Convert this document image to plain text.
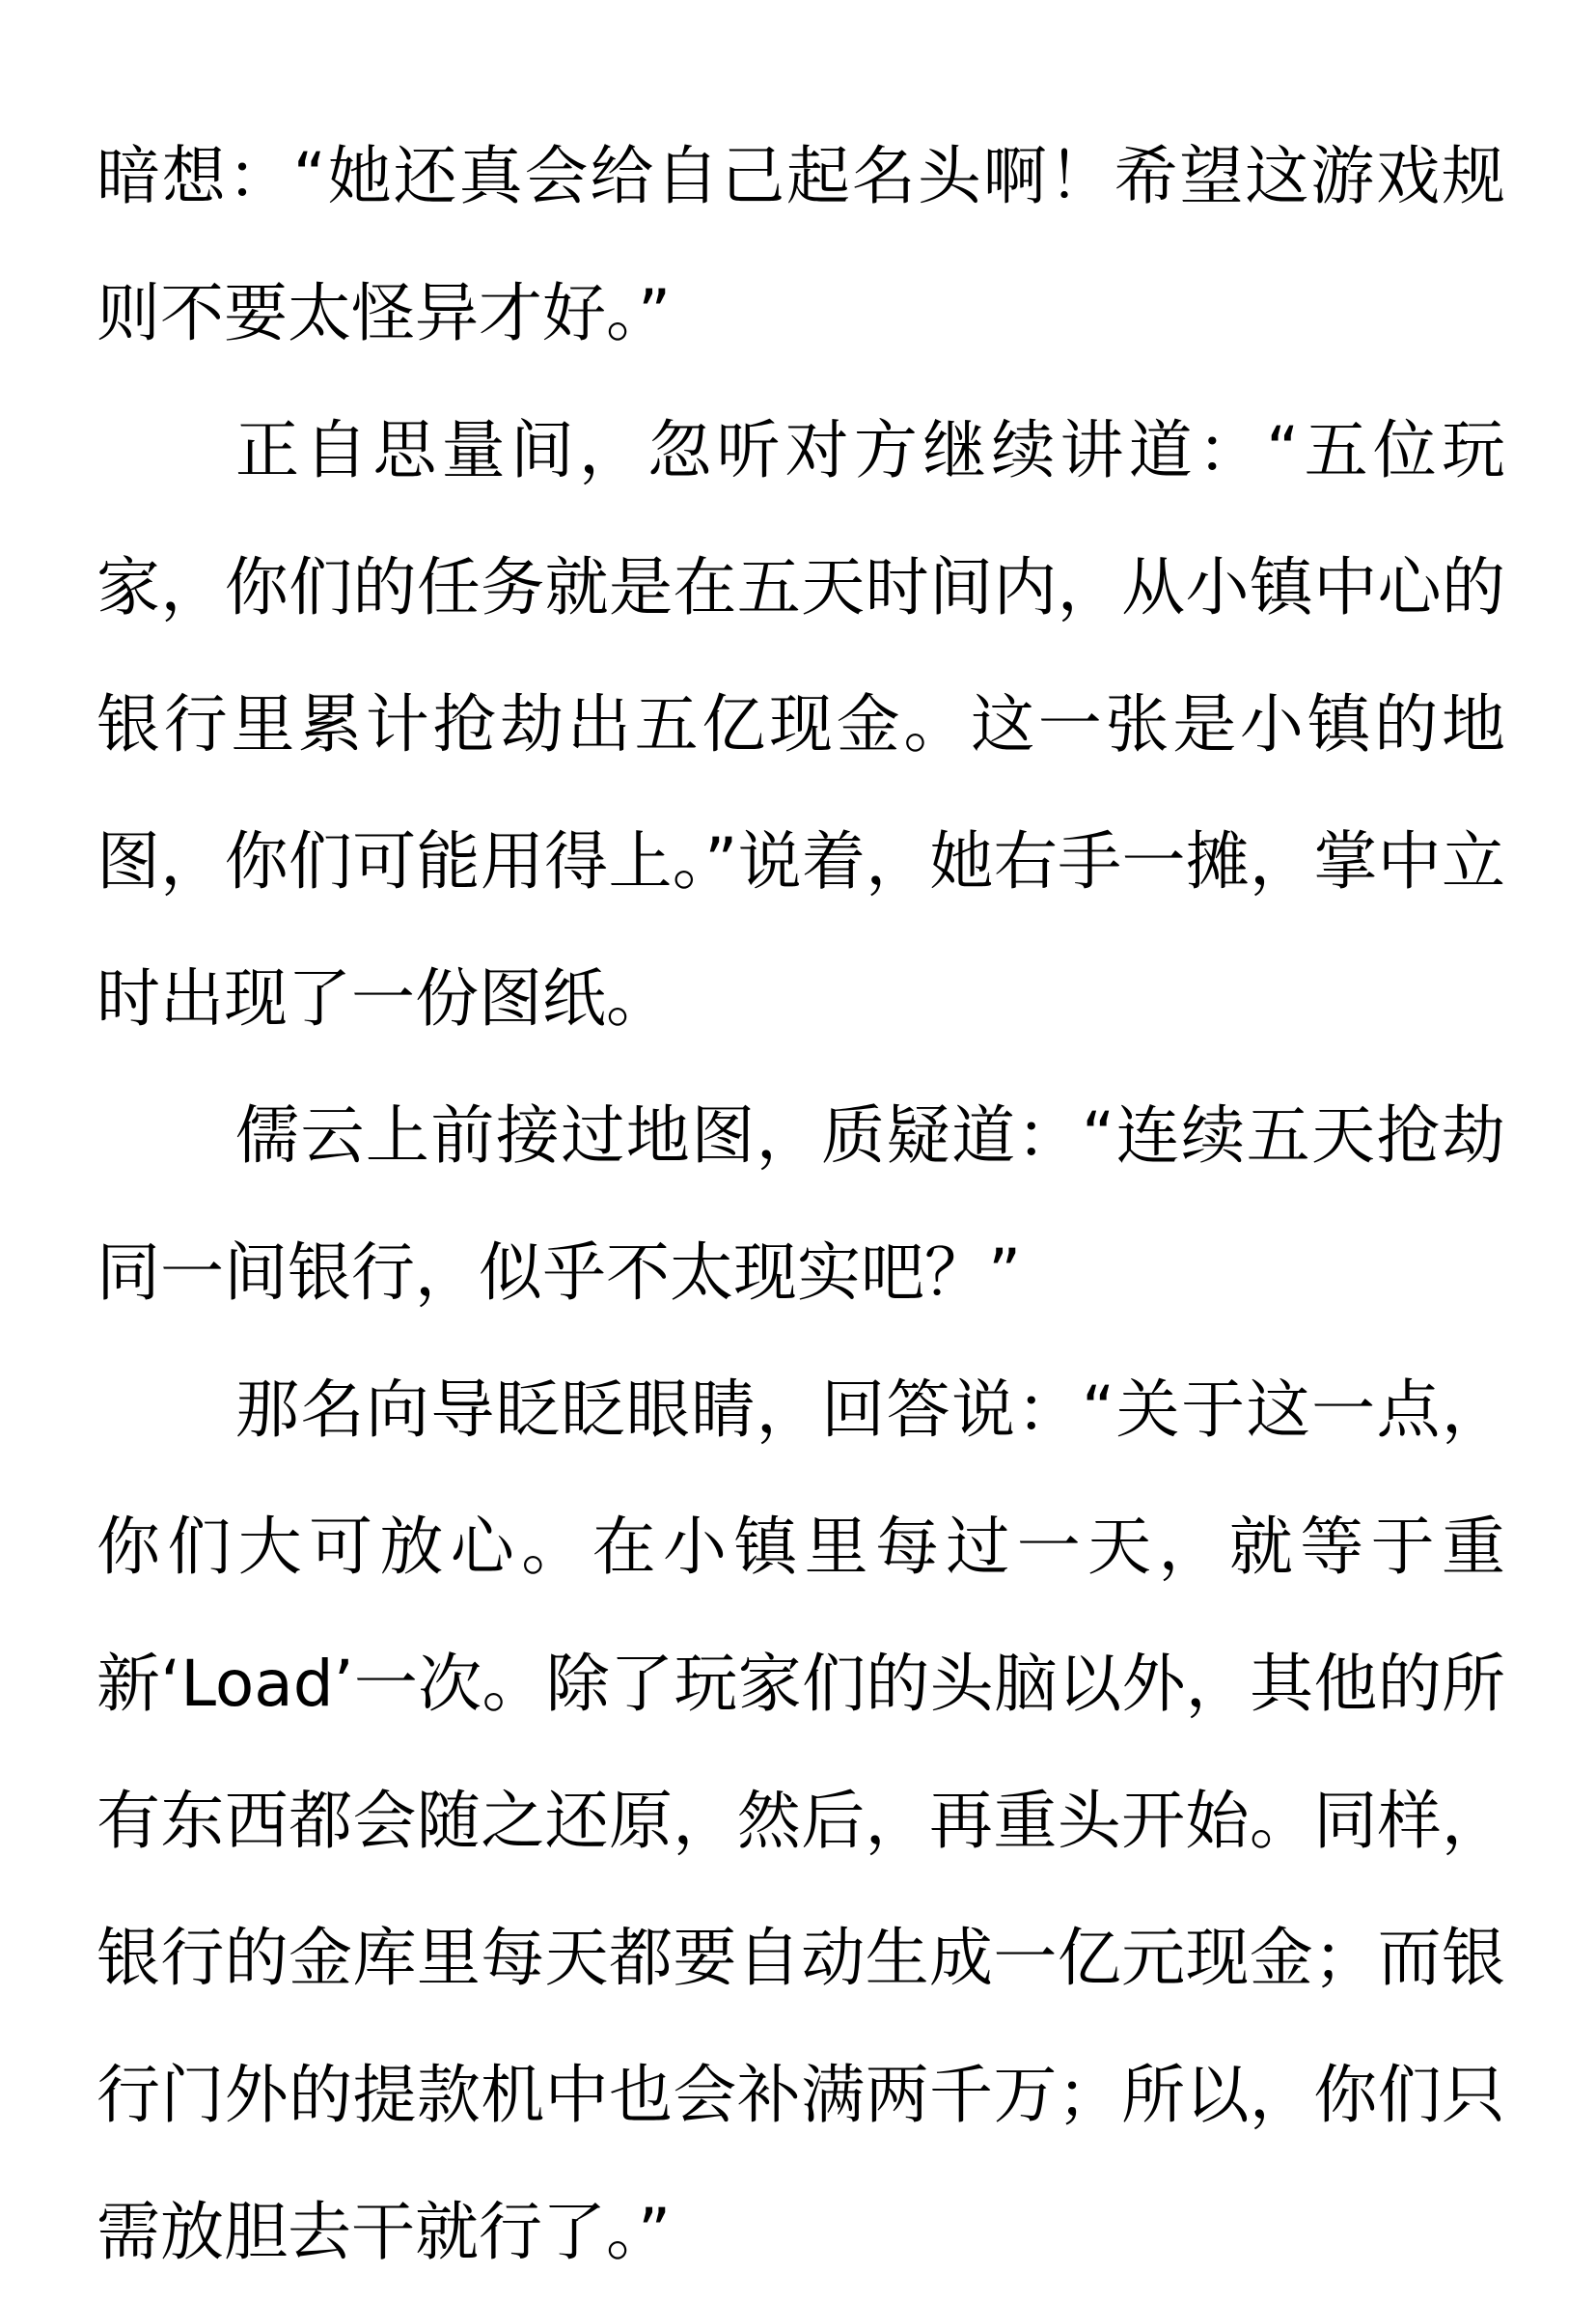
暗想：“她还真会给自己起名头啊！希望这游戏规则不要太怪异才好。”

正自思量间，忽听对方继续讲道：“五位玩家，你们的任务就是在五天时间内，从小镇中心的银行里累计抢劫出五亿现金。这一张是小镇的地图，你们可能用得上。”说着，她右手一摊，掌中立时出现了一份图纸。

儒云上前接过地图，质疑道：“连续五天抢劫同一间银行，似乎不太现实吧？”

那名向导眨眨眼睛，回答说：“关于这一点，你们大可放心。在小镇里每过一天，就等于重新‘Load’一次。除了玩家们的头脑以外，其他的所有东西都会随之还原，然后，再重头开始。同样，银行的金库里每天都要自动生成一亿元现金；而银行门外的提款机中也会补满两千万；所以，你们只需放胆去干就行了。”
